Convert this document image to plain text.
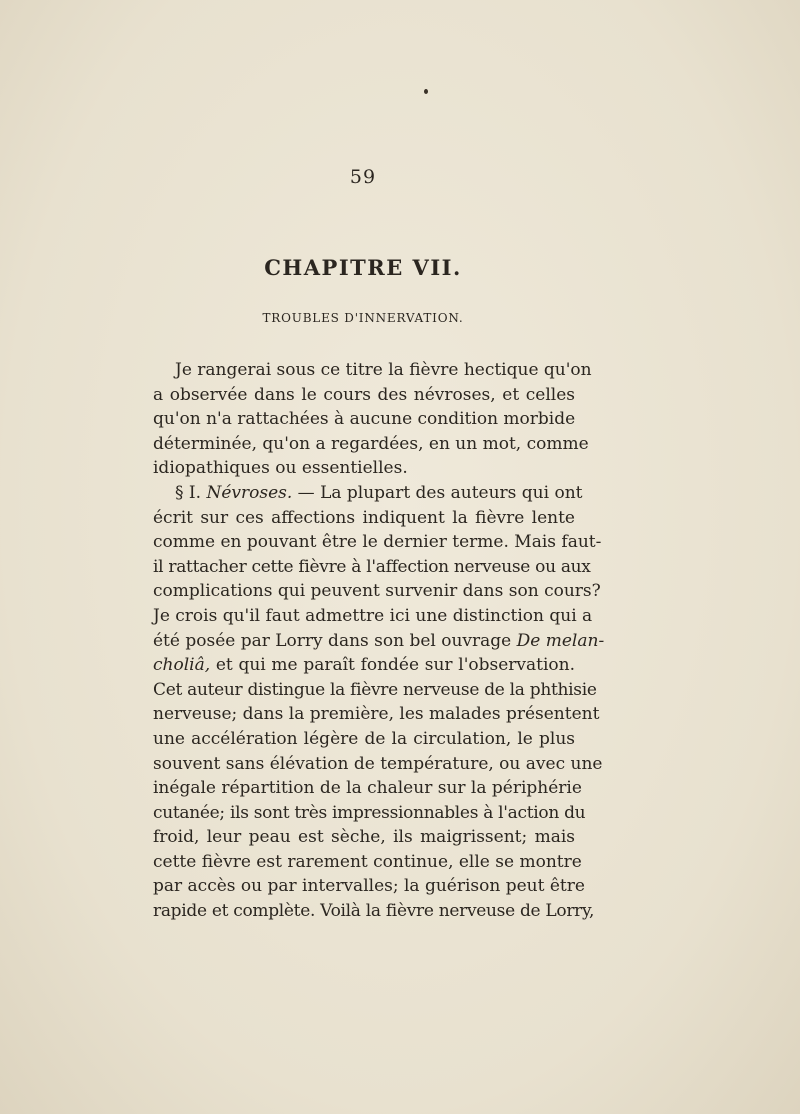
59
CHAPITRE VII.
TROUBLES D'INNERVATION.
Je rangerai sous ce titre la fièvre hectique qu'on
a observée dans le cours des névroses, et celles
qu'on n'a rattachées à aucune condition morbide
déterminée, qu'on a regardées, en un mot, comme
idiopathiques ou essentielles.
§ I. Névroses. — La plupart des auteurs qui ont
écrit sur ces affections indiquent la fièvre lente
comme en pouvant être le dernier terme. Mais faut-
il rattacher cette fièvre à l'affection nerveuse ou aux
complications qui peuvent survenir dans son cours?
Je crois qu'il faut admettre ici une distinction qui a
été posée par Lorry dans son bel ouvrage De melan-
choliâ, et qui me paraît fondée sur l'observation.
Cet auteur distingue la fièvre nerveuse de la phthisie
nerveuse; dans la première, les malades présentent
une accélération légère de la circulation, le plus
souvent sans élévation de température, ou avec une
inégale répartition de la chaleur sur la périphérie
cutanée; ils sont très impressionnables à l'action du
froid, leur peau est sèche, ils maigrissent; mais
cette fièvre est rarement continue, elle se montre
par accès ou par intervalles; la guérison peut être
rapide et complète. Voilà la fièvre nerveuse de Lorry,
